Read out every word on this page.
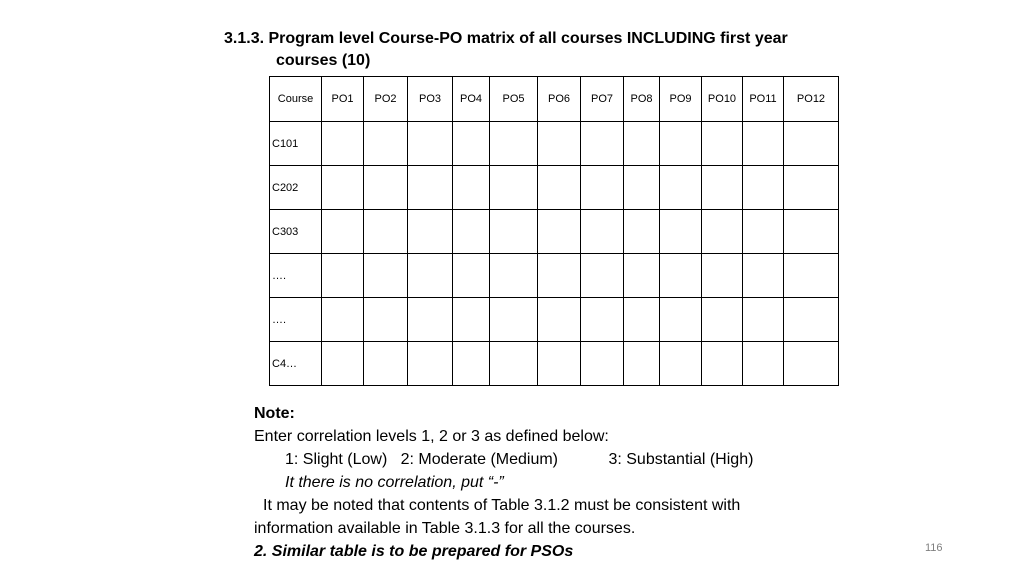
3.1.3. Program level Course-PO matrix of all courses INCLUDING first year
courses (10)
Course	PO1	PO2	PO3	PO4	PO5	PO6	PO7	PO8	PO9	PO10	PO11	PO12
C101												
C202												
C303												
….												
….												
C4…												
Note:
Enter correlation levels 1, 2 or 3 as defined below:
1: Slight (Low) 2: Moderate (Medium)	3: Substantial (High)
It there is no correlation, put “-”
It may be noted that contents of Table 3.1.2 must be consistent with
information available in Table 3.1.3 for all the courses.
2. Similar table is to be prepared for PSOs	116
